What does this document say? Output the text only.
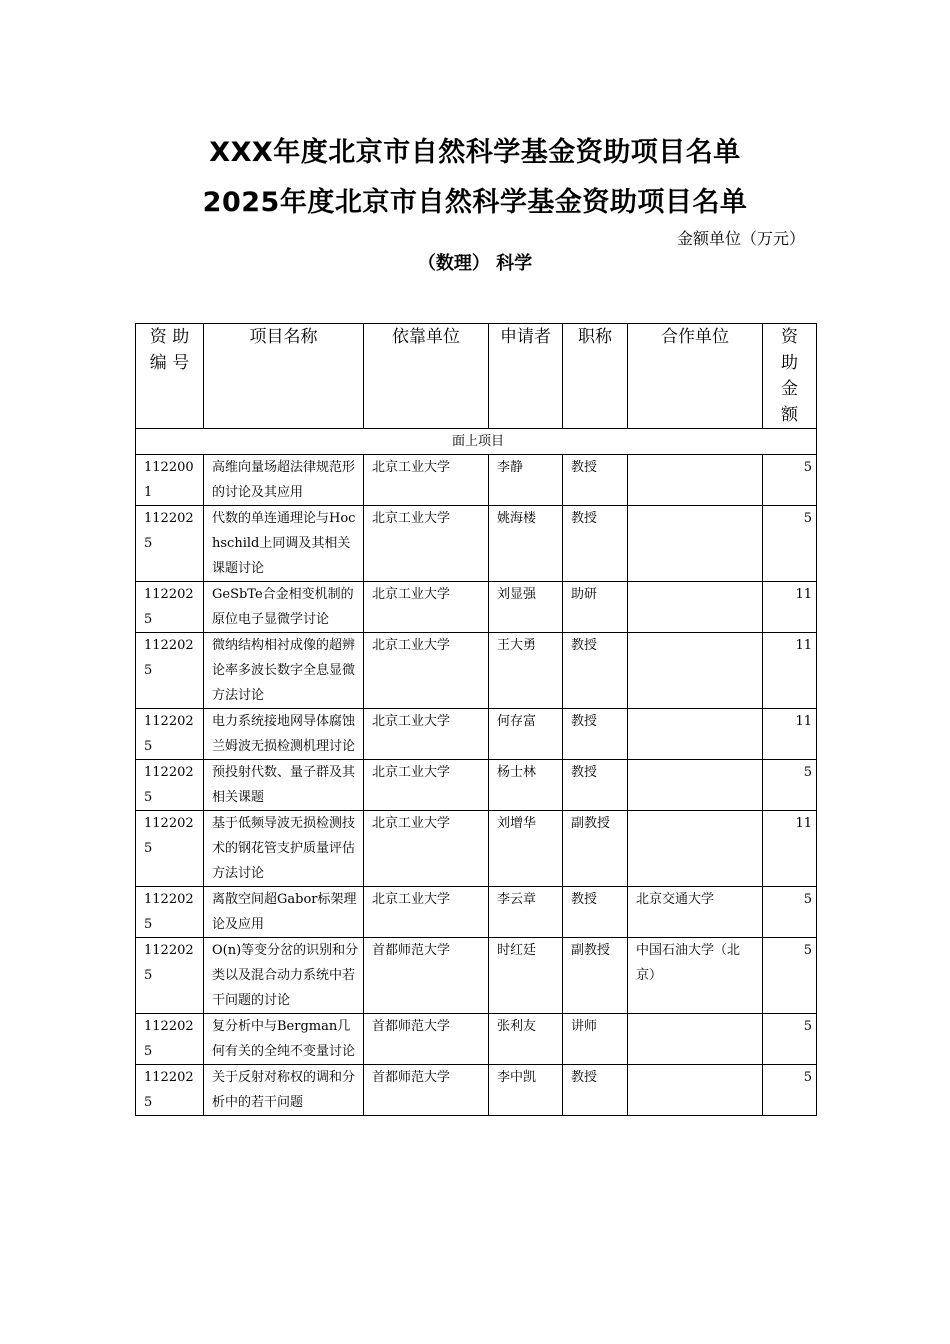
XXX年度北京市自然科学基金资助项目名单
2025年度北京市自然科学基金资助项目名单
金额单位（万元）
（数理） 科学
资 助 编 号	项目名称	依靠单位	申请者	职称	合作单位	资助金额
面上项目						
1122001	高维向量场超法律规范形的讨论及其应用	北京工业大学	李静	教授		5
1122025	代数的单连通理论与Hochschild上同调及其相关课题讨论	北京工业大学	姚海楼	教授		5
1122025	GeSbTe合金相变机制的原位电子显微学讨论	北京工业大学	刘显强	助研		11
1122025	微纳结构相衬成像的超辨论率多波长数字全息显微方法讨论	北京工业大学	王大勇	教授		11
1122025	电力系统接地网导体腐蚀兰姆波无损检测机理讨论	北京工业大学	何存富	教授		11
1122025	预投射代数、量子群及其相关课题	北京工业大学	杨士林	教授		5
1122025	基于低频导波无损检测技术的钢花管支护质量评估方法讨论	北京工业大学	刘增华	副教授		11
1122025	离散空间超Gabor标架理论及应用	北京工业大学	李云章	教授	北京交通大学	5
1122025	O(n)等变分岔的识别和分类以及混合动力系统中若干问题的讨论	首都师范大学	时红廷	副教授	中国石油大学（北京）	5
1122025	复分析中与Bergman几何有关的全纯不变量讨论	首都师范大学	张利友	讲师		5
1122025	关于反射对称权的调和分析中的若干问题	首都师范大学	李中凯	教授		5
